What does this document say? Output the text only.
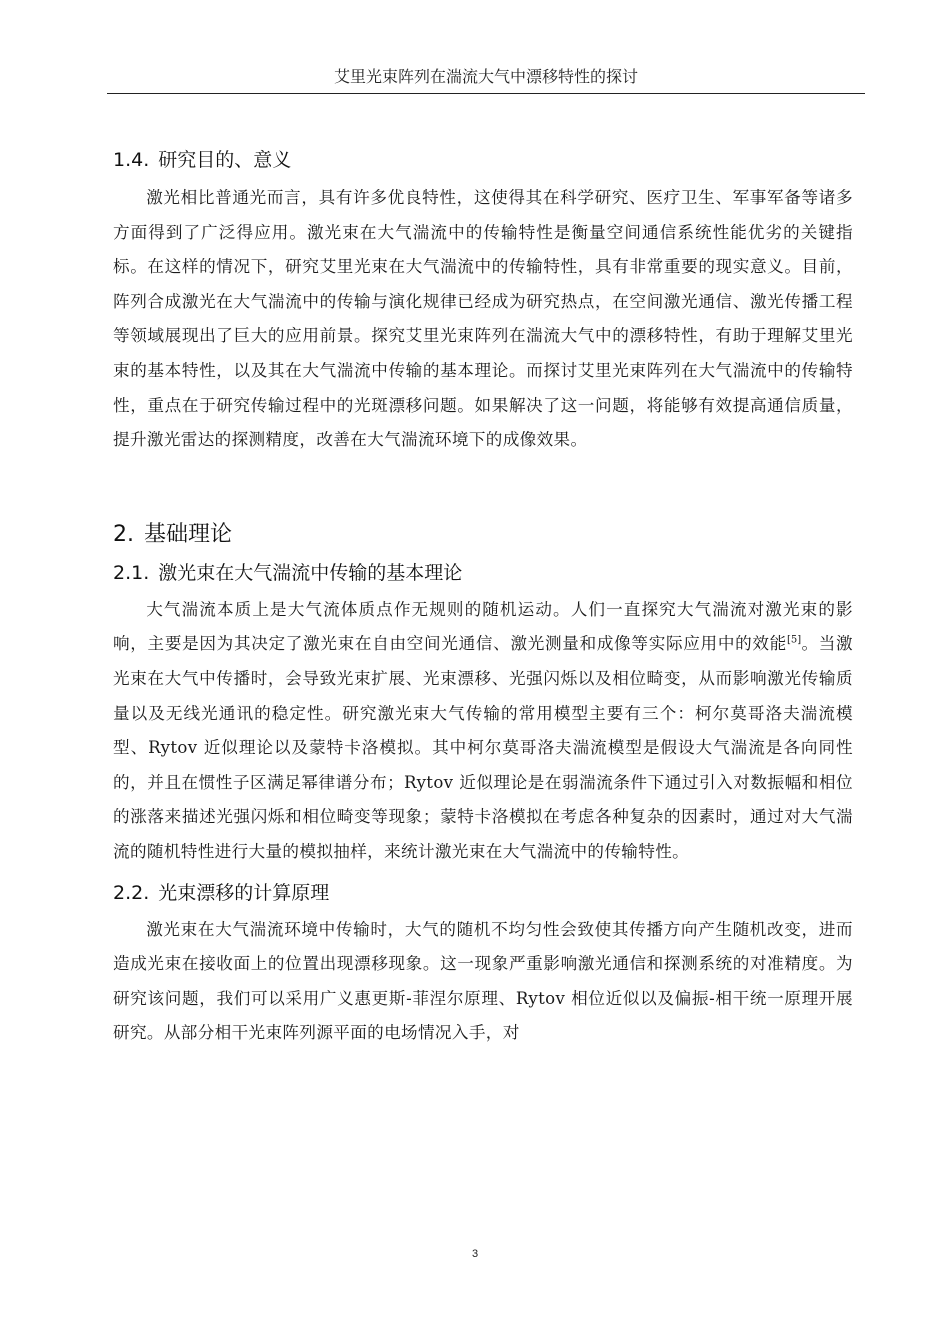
艾里光束阵列在湍流大气中漂移特性的探讨
1.4. 研究目的、意义

激光相比普通光而言，具有许多优良特性，这使得其在科学研究、医疗卫生、军事军备等诸多方面得到了广泛得应用。激光束在大气湍流中的传输特性是衡量空间通信系统性能优劣的关键指标。在这样的情况下，研究艾里光束在大气湍流中的传输特性，具有非常重要的现实意义。目前，阵列合成激光在大气湍流中的传输与演化规律已经成为研究热点，在空间激光通信、激光传播工程等领域展现出了巨大的应用前景。探究艾里光束阵列在湍流大气中的漂移特性，有助于理解艾里光束的基本特性，以及其在大气湍流中传输的基本理论。而探讨艾里光束阵列在大气湍流中的传输特性，重点在于研究传输过程中的光斑漂移问题。如果解决了这一问题，将能够有效提高通信质量，提升激光雷达的探测精度，改善在大气湍流环境下的成像效果。

2. 基础理论
2.1. 激光束在大气湍流中传输的基本理论

大气湍流本质上是大气流体质点作无规则的随机运动。人们一直探究大气湍流对激光束的影响，主要是因为其决定了激光束在自由空间光通信、激光测量和成像等实际应用中的效能[5]。当激光束在大气中传播时，会导致光束扩展、光束漂移、光强闪烁以及相位畸变，从而影响激光传输质量以及无线光通讯的稳定性。研究激光束大气传输的常用模型主要有三个：柯尔莫哥洛夫湍流模型、Rytov 近似理论以及蒙特卡洛模拟。其中柯尔莫哥洛夫湍流模型是假设大气湍流是各向同性的，并且在惯性子区满足幂律谱分布；Rytov 近似理论是在弱湍流条件下通过引入对数振幅和相位的涨落来描述光强闪烁和相位畸变等现象；蒙特卡洛模拟在考虑各种复杂的因素时，通过对大气湍流的随机特性进行大量的模拟抽样，来统计激光束在大气湍流中的传输特性。

2.2. 光束漂移的计算原理

激光束在大气湍流环境中传输时，大气的随机不均匀性会致使其传播方向产生随机改变，进而造成光束在接收面上的位置出现漂移现象。这一现象严重影响激光通信和探测系统的对准精度。为研究该问题，我们可以采用广义惠更斯-菲涅尔原理、Rytov 相位近似以及偏振-相干统一原理开展研究。从部分相干光束阵列源平面的电场情况入手，对

3
